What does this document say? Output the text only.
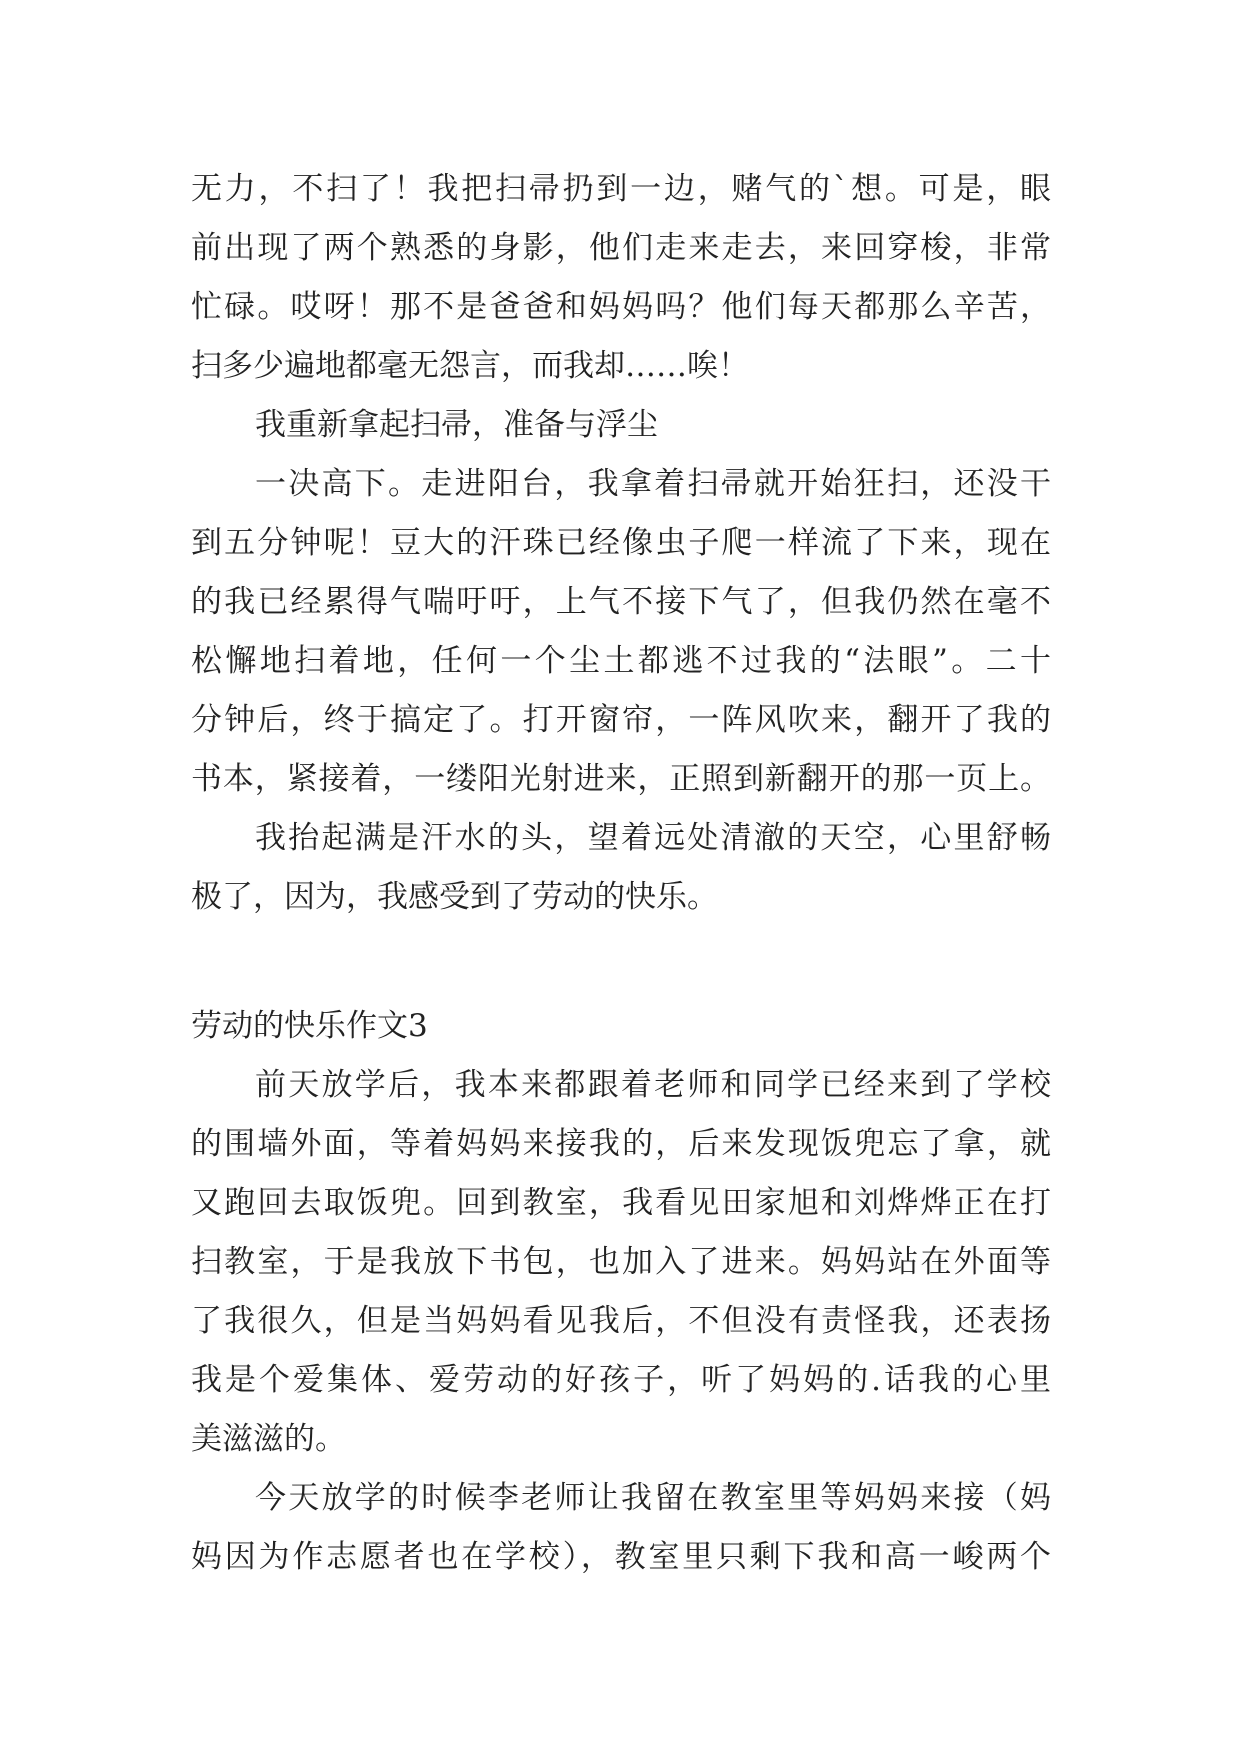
无力，不扫了！我把扫帚扔到一边，赌气的`想。可是，眼
前出现了两个熟悉的身影，他们走来走去，来回穿梭，非常
忙碌。哎呀！那不是爸爸和妈妈吗？他们每天都那么辛苦，
扫多少遍地都毫无怨言，而我却……唉！
我重新拿起扫帚，准备与浮尘
一决高下。走进阳台，我拿着扫帚就开始狂扫，还没干
到五分钟呢！豆大的汗珠已经像虫子爬一样流了下来，现在
的我已经累得气喘吁吁，上气不接下气了，但我仍然在毫不
松懈地扫着地，任何一个尘土都逃不过我的“法眼”。二十
分钟后，终于搞定了。打开窗帘，一阵风吹来，翻开了我的
书本，紧接着，一缕阳光射进来，正照到新翻开的那一页上。
我抬起满是汗水的头，望着远处清澈的天空，心里舒畅
极了，因为，我感受到了劳动的快乐。
劳动的快乐作文3
前天放学后，我本来都跟着老师和同学已经来到了学校
的围墙外面，等着妈妈来接我的，后来发现饭兜忘了拿，就
又跑回去取饭兜。回到教室，我看见田家旭和刘烨烨正在打
扫教室，于是我放下书包，也加入了进来。妈妈站在外面等
了我很久，但是当妈妈看见我后，不但没有责怪我，还表扬
我是个爱集体、爱劳动的好孩子，听了妈妈的.话我的心里
美滋滋的。
今天放学的时候李老师让我留在教室里等妈妈来接（妈
妈因为作志愿者也在学校），教室里只剩下我和高一峻两个
